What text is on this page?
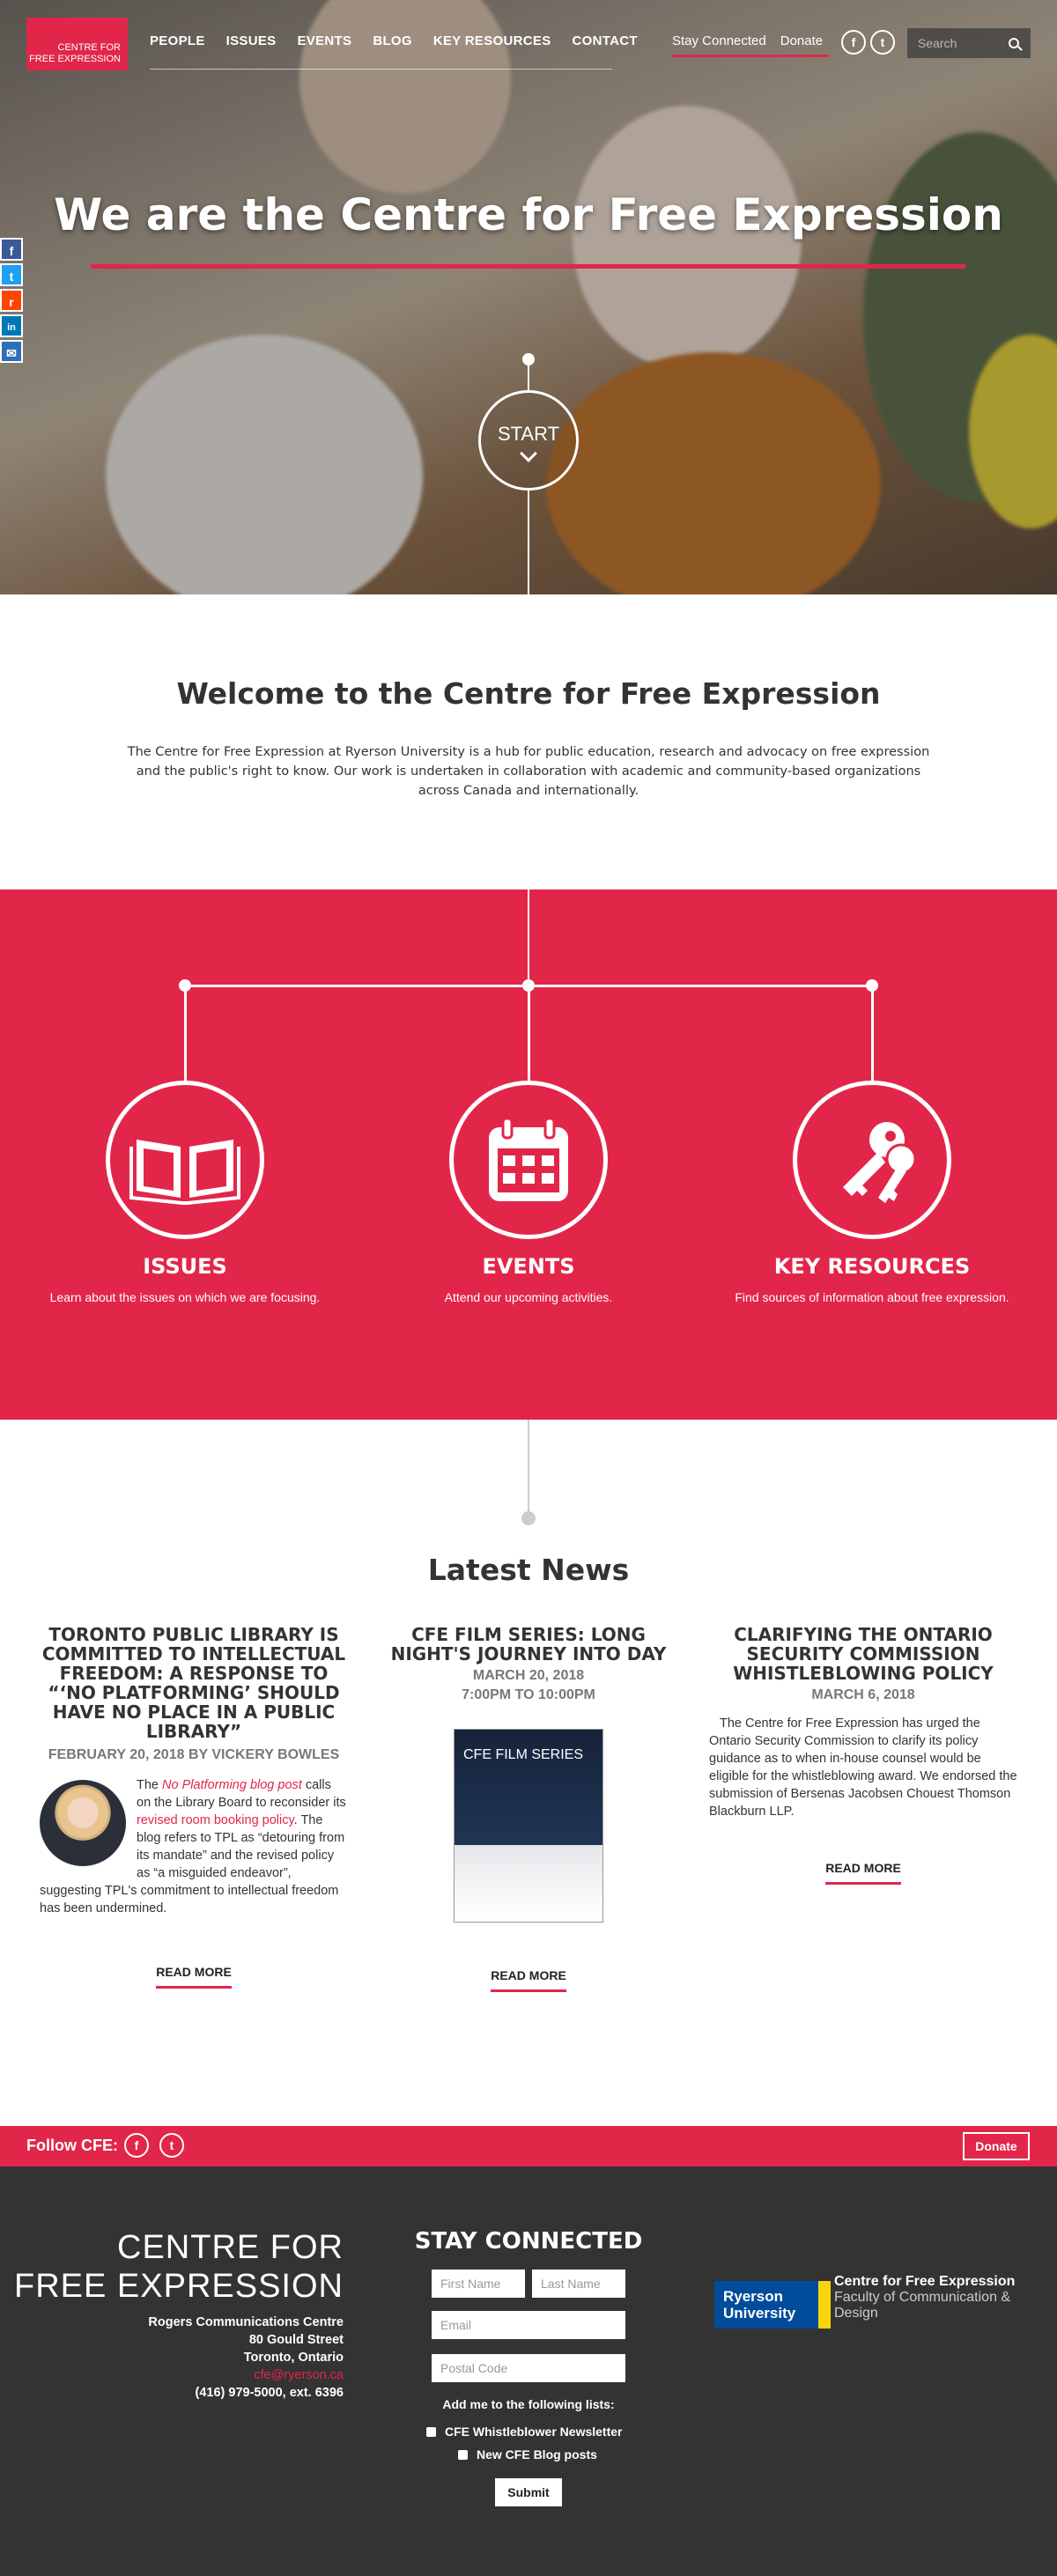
CENTRE FOR
FREE EXPRESSION
PEOPLE ISSUES EVENTS BLOG KEY RESOURCES CONTACT	Stay Connected Donate	f	t
Search
f
t
r
in
✉
We are the Centre for Free Expression
START
Welcome to the Centre for Free Expression

The Centre for Free Expression at Ryerson University is a hub for public education, research and advocacy on free expression and the public's right to know. Our work is undertaken in collaboration with academic and community-based organizations across Canada and internationally.

ISSUES
Learn about the issues on which we are focusing.
EVENTS
Attend our upcoming activities.
KEY RESOURCES
Find sources of information about free expression.
Latest News
TORONTO PUBLIC LIBRARY IS COMMITTED TO INTELLECTUAL FREEDOM: A RESPONSE TO “‘NO PLATFORMING’ SHOULD HAVE NO PLACE IN A PUBLIC LIBRARY”
FEBRUARY 20, 2018 BY VICKERY BOWLES

The No Platforming blog post calls on the Library Board to reconsider its revised room booking policy. The blog refers to TPL as “detouring from its mandate” and the revised policy as “a misguided endeavor”, suggesting TPL's commitment to intellectual freedom has been undermined.

READ MORE
CFE FILM SERIES: LONG NIGHT'S JOURNEY INTO DAY
MARCH 20, 2018
7:00PM TO 10:00PM
CFE FILM SERIES
READ MORE
CLARIFYING THE ONTARIO SECURITY COMMISSION WHISTLEBLOWING POLICY
MARCH 6, 2018

The Centre for Free Expression has urged the Ontario Security Commission to clarify its policy guidance as to when in-house counsel would be eligible for the whistleblowing award. We endorsed the submission of Bersenas Jacobsen Chouest Thomson Blackburn LLP.

READ MORE
Follow CFE:	f	t	Donate
CENTRE FOR
FREE EXPRESSION
Rogers Communications Centre
80 Gould Street
Toronto, Ontario
cfe@ryerson.ca
(416) 979-5000, ext. 6396
STAY CONNECTED
First Name
Last Name
Email
Postal Code
Add me to the following lists:
CFE Whistleblower Newsletter
New CFE Blog posts
Submit
Ryerson University
Centre for Free Expression
Faculty of Communication & Design
